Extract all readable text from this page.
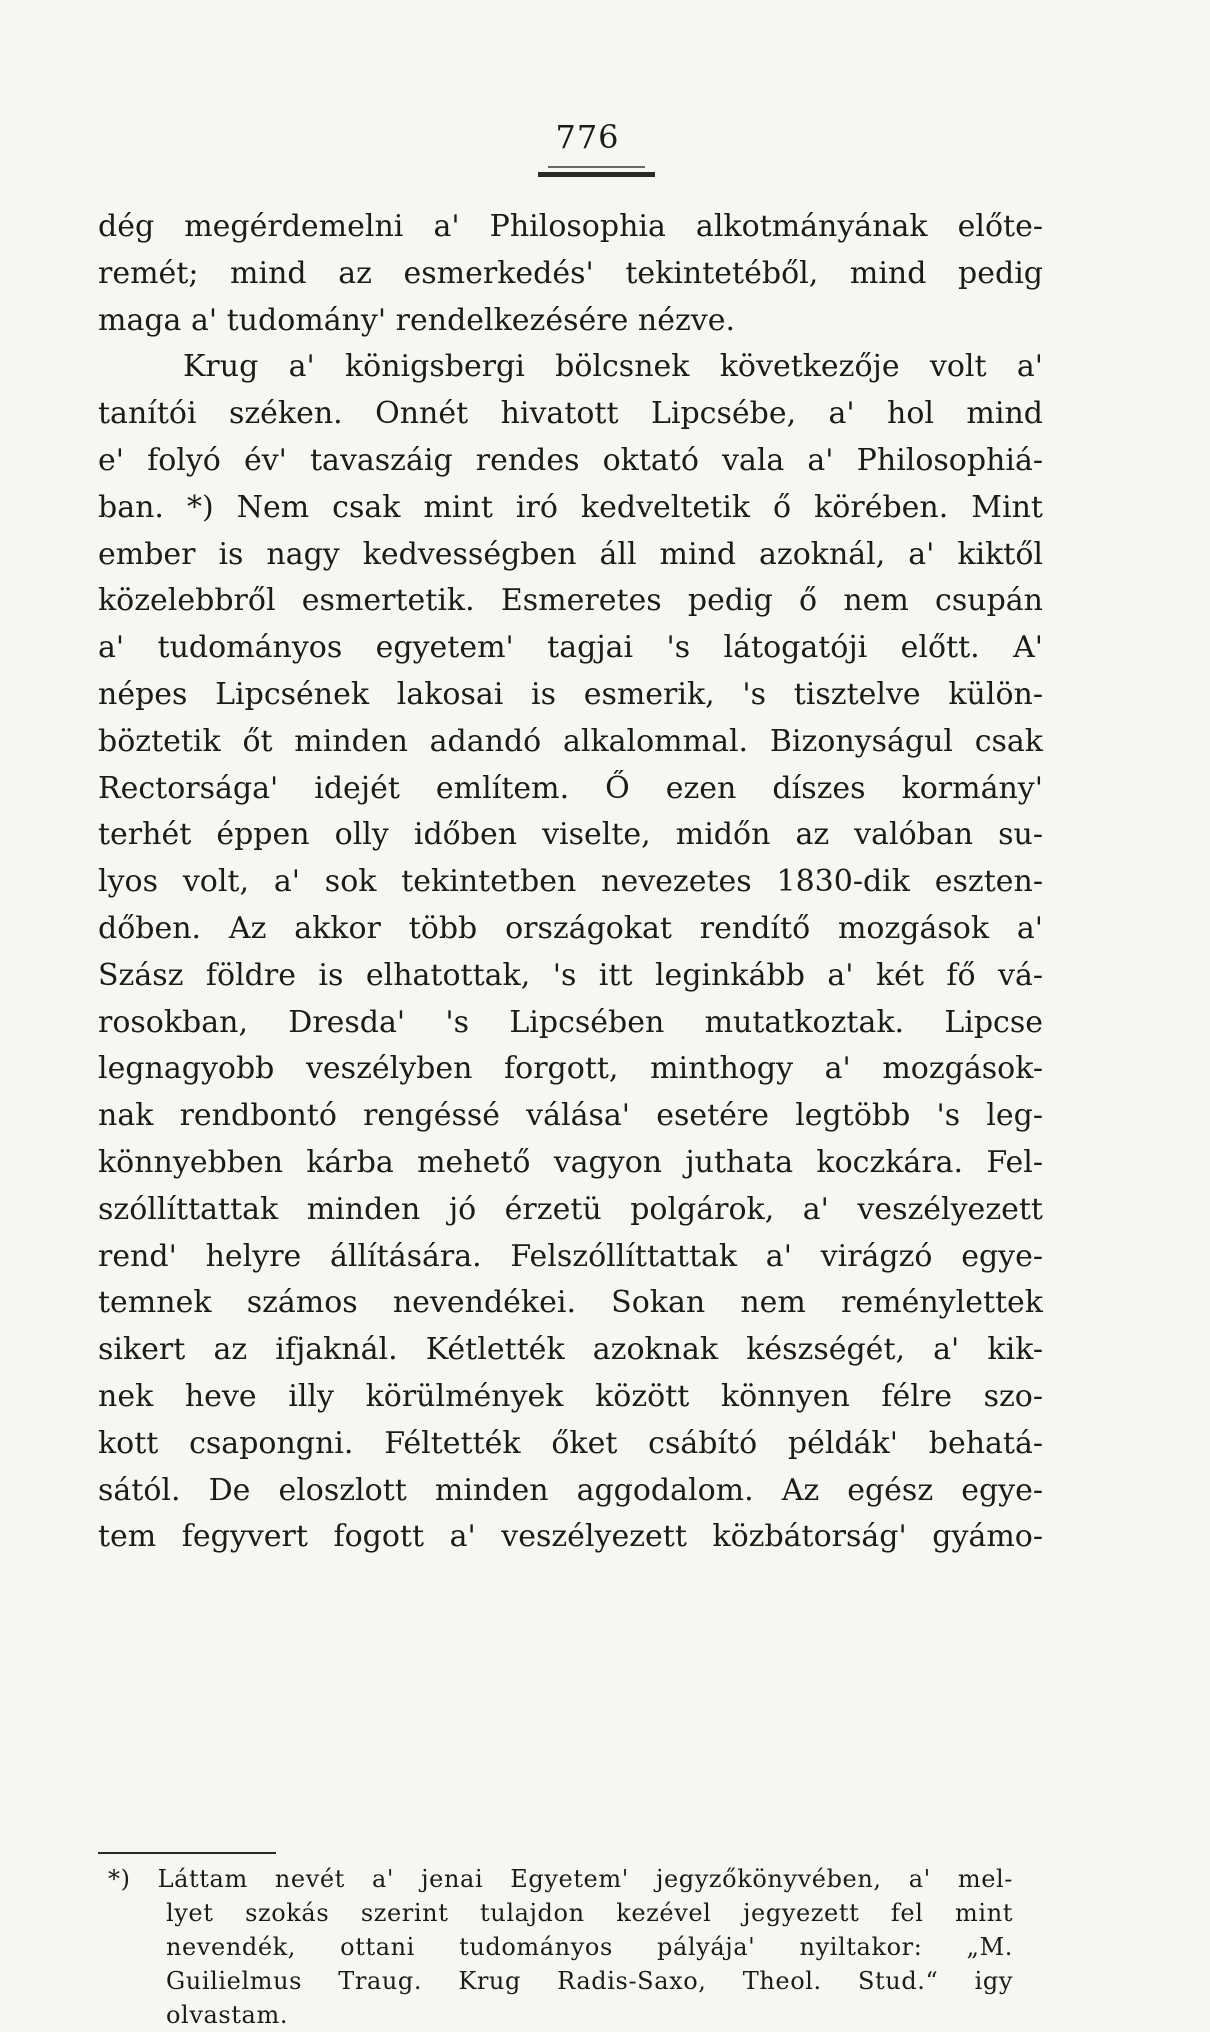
776
dég megérdemelni a' Philosophia alkotmányának előte-
remét; mind az esmerkedés' tekintetéből, mind pedig
maga a' tudomány' rendelkezésére nézve.
Krug a' königsbergi bölcsnek következője volt a'
tanítói széken. Onnét hivatott Lipcsébe, a' hol mind
e' folyó év' tavaszáig rendes oktató vala a' Philosophiá-
ban. *) Nem csak mint iró kedveltetik ő körében. Mint
ember is nagy kedvességben áll mind azoknál, a' kiktől
közelebbről esmertetik. Esmeretes pedig ő nem csupán
a' tudományos egyetem' tagjai 's látogatóji előtt. A'
népes Lipcsének lakosai is esmerik, 's tisztelve külön-
böztetik őt minden adandó alkalommal. Bizonyságul csak
Rectorsága' idejét említem. Ő ezen díszes kormány'
terhét éppen olly időben viselte, midőn az valóban su-
lyos volt, a' sok tekintetben nevezetes 1830-dik eszten-
dőben. Az akkor több országokat rendítő mozgások a'
Szász földre is elhatottak, 's itt leginkább a' két fő vá-
rosokban, Dresda' 's Lipcsében mutatkoztak. Lipcse
legnagyobb veszélyben forgott, minthogy a' mozgások-
nak rendbontó rengéssé válása' esetére legtöbb 's leg-
könnyebben kárba mehető vagyon juthata koczkára. Fel-
szóllíttattak minden jó érzetü polgárok, a' veszélyezett
rend' helyre állítására. Felszóllíttattak a' virágzó egye-
temnek számos nevendékei. Sokan nem reménylettek
sikert az ifjaknál. Kétlették azoknak készségét, a' kik-
nek heve illy körülmények között könnyen félre szo-
kott csapongni. Féltették őket csábító példák' behatá-
sától. De eloszlott minden aggodalom. Az egész egye-
tem fegyvert fogott a' veszélyezett közbátorság' gyámo-
*) Láttam nevét a' jenai Egyetem' jegyzőkönyvében, a' mel-
lyet szokás szerint tulajdon kezével jegyezett fel mint
nevendék, ottani tudományos pályája' nyiltakor: „M.
Guilielmus Traug. Krug Radis-Saxo, Theol. Stud.“ igy
olvastam.
